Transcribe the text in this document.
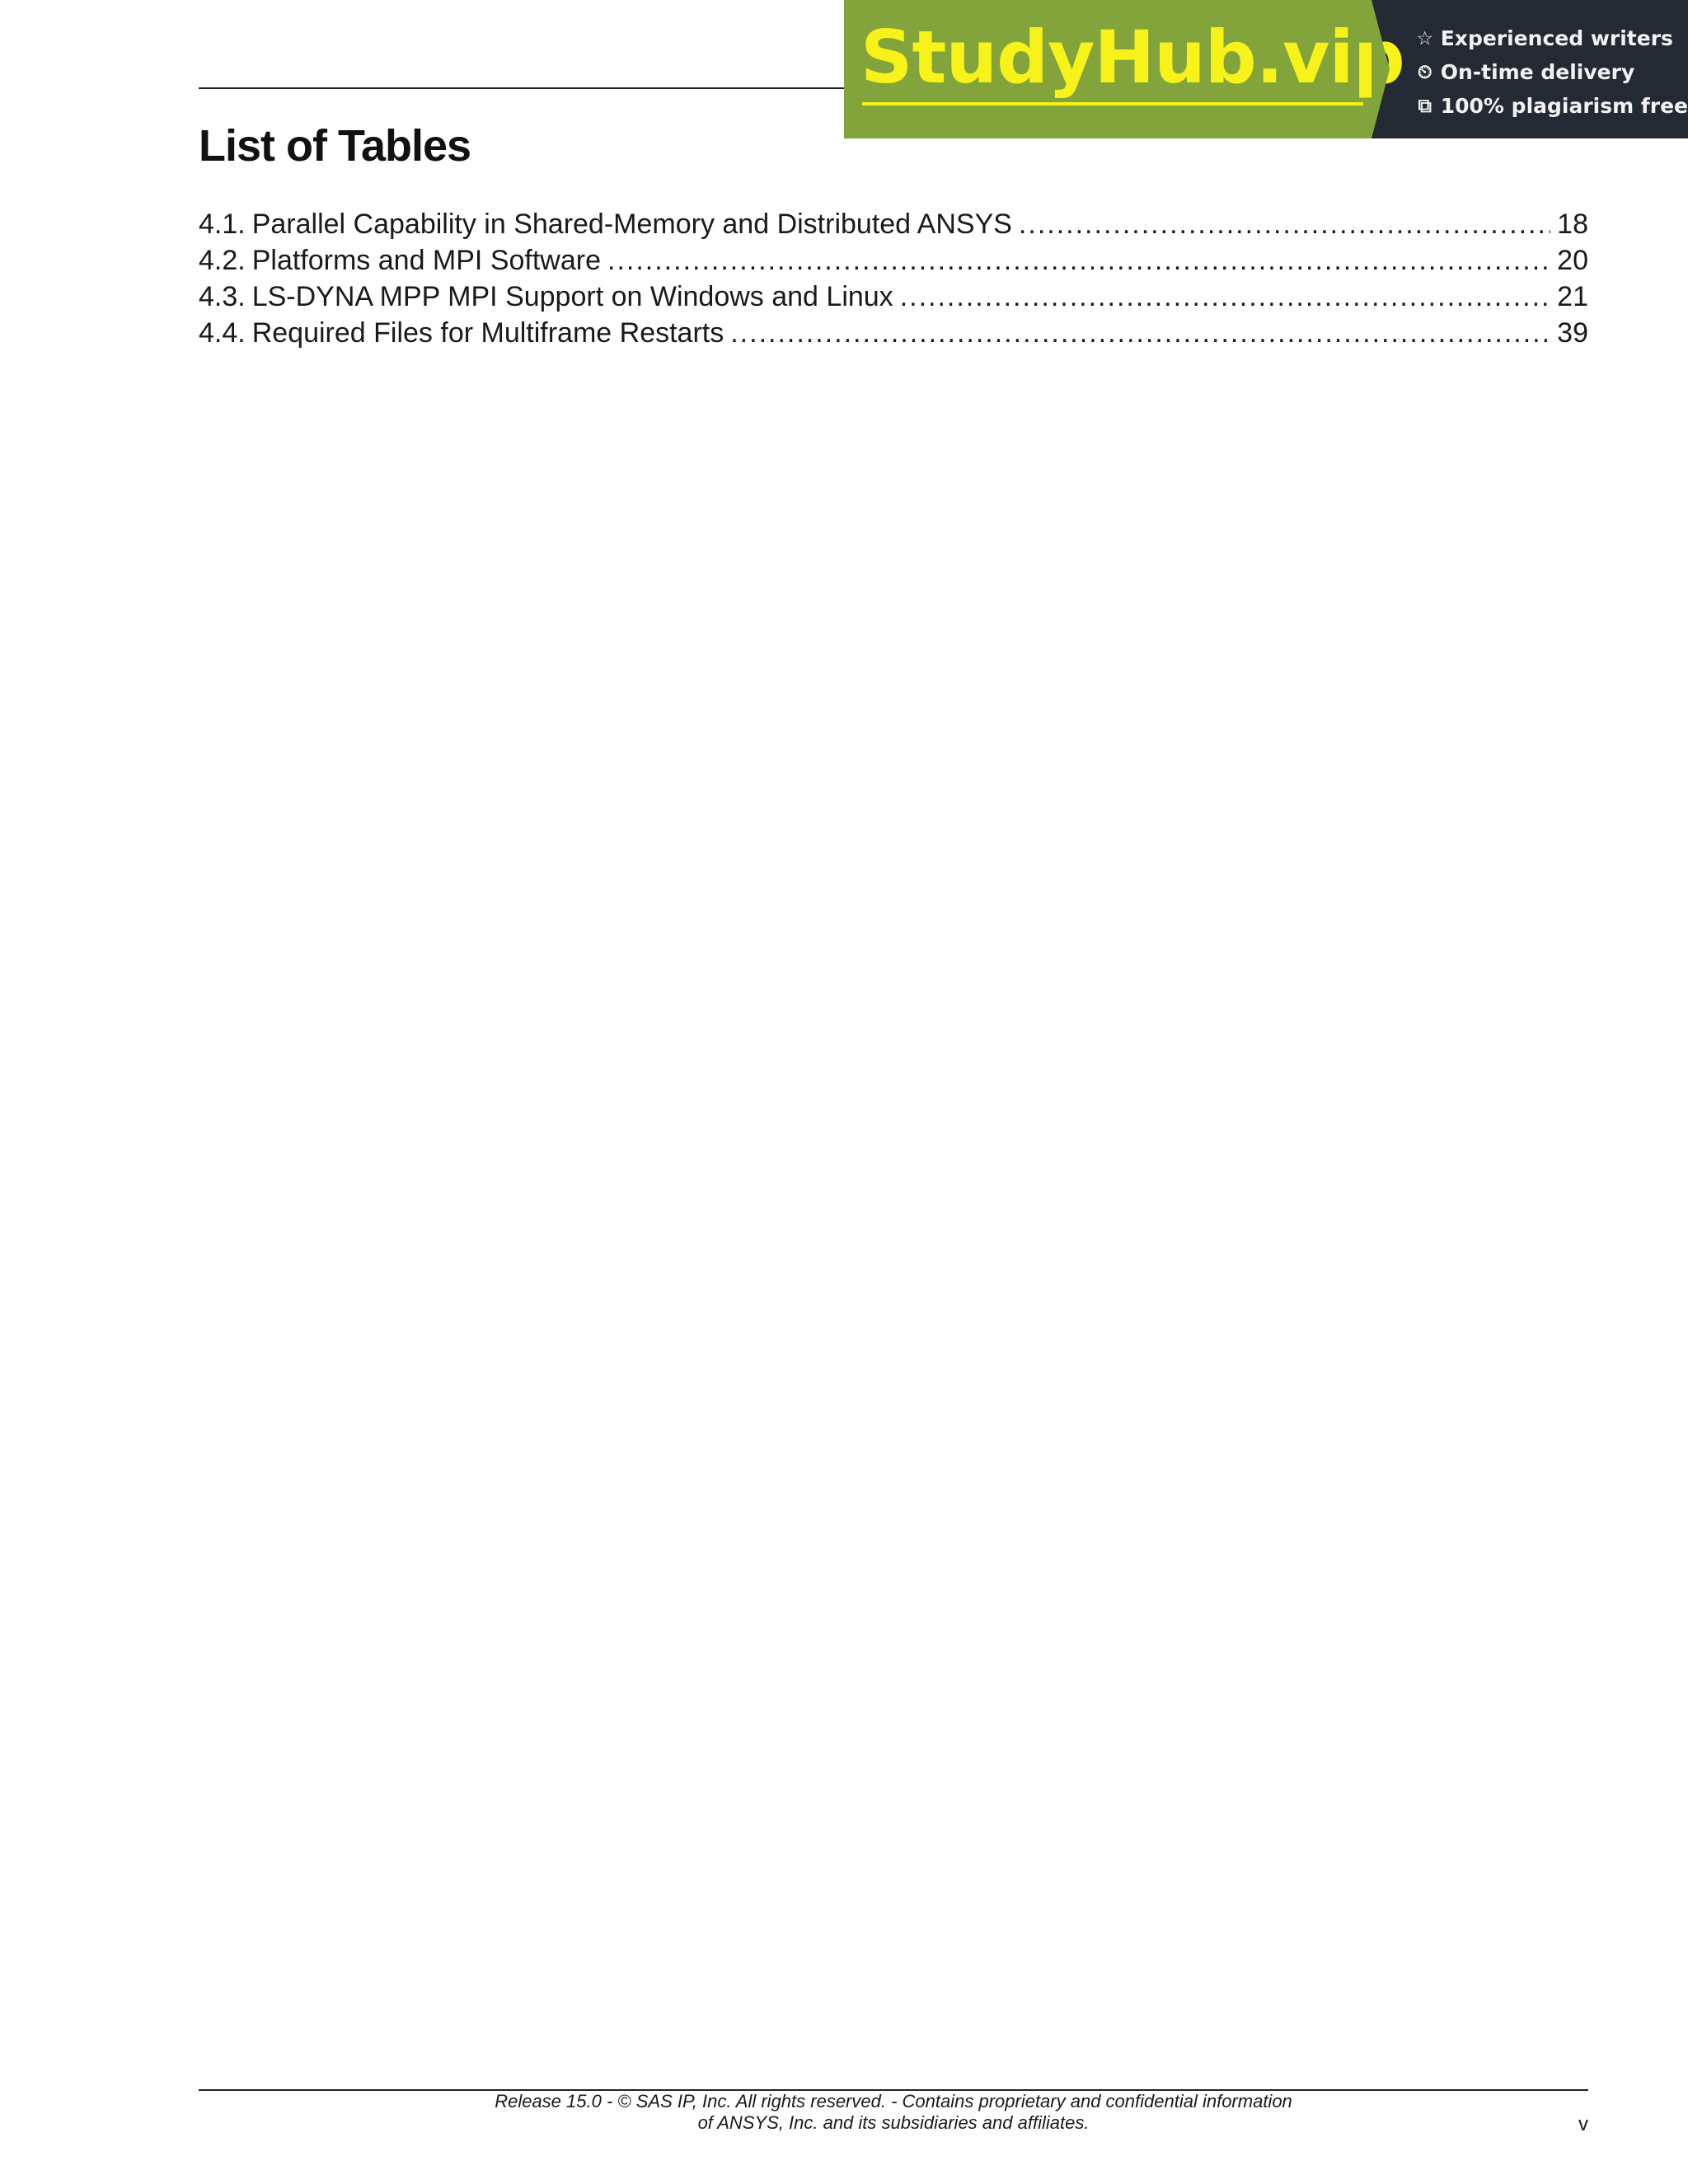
StudyHub.vip ☆ Experienced writers
⏲ On-time delivery
⧉ 100% plagiarism free
List of Tables
4.1. Parallel Capability in Shared-Memory and Distributed ANSYS .....	18
4.2. Platforms and MPI Software .....	20
4.3. LS-DYNA MPP MPI Support on Windows and Linux .....	21
4.4. Required Files for Multiframe Restarts .....	39
Release 15.0 - © SAS IP, Inc. All rights reserved. - Contains proprietary and confidential information
of ANSYS, Inc. and its subsidiaries and affiliates.	v
